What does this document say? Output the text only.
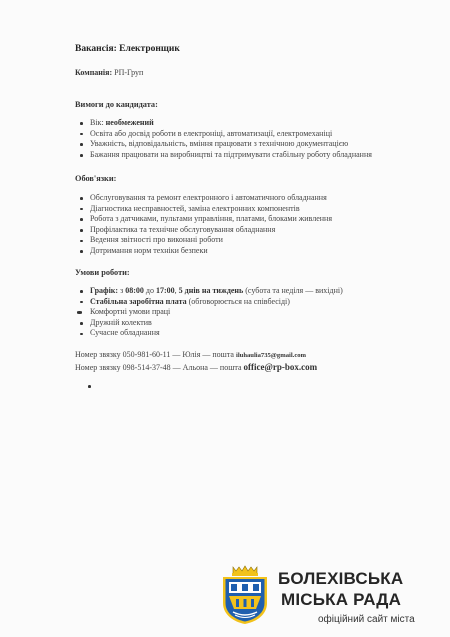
Вакансія: Електронщик
Компанія: РП-Груп
Вимоги до кандидата:
Вік: необмежений
Освіта або досвід роботи в електроніці, автоматизації, електромеханіці
Уважність, відповідальність, вміння працювати з технічною документацією
Бажання працювати на виробництві та підтримувати стабільну роботу обладнання
Обов'язки:
Обслуговування та ремонт електронного і автоматичного обладнання
Діагностика несправностей, заміна електронних компонентів
Робота з датчиками, пультами управління, платами, блоками живлення
Профілактика та технічне обслуговування обладнання
Ведення звітності про виконані роботи
Дотримання норм техніки безпеки
Умови роботи:
Графік: з 08:00 до 17:00, 5 днів на тиждень (субота та неділя — вихідні)
Стабільна заробітна плата (обговорюється на співбесіді)
Комфортні умови праці
Дружній колектив
Сучасне обладнання
Номер звязку 050-981-60-11 — Юлія — пошта iluhaulia735@gmail.com
Номер звязку 098-514-37-48 — Альона — пошта office@rp-box.com
БОЛЕХІВСЬКА
МІСЬКА РАДА
офіційний сайт міста
